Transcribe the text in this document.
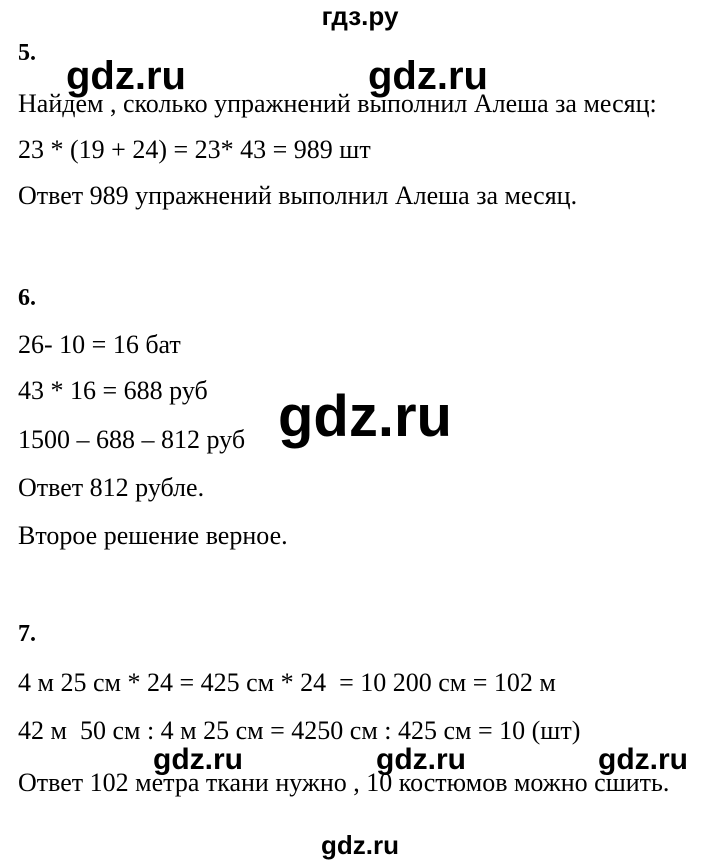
гдз.ру
5.
gdz.ru	gdz.ru
Найдем , сколько упражнений выполнил Алеша за месяц:
23 * (19 + 24) = 23* 43 = 989 шт
Ответ 989 упражнений выполнил Алеша за месяц.
6.
26- 10 = 16 бат
43 * 16 = 688 руб gdz.ru
1500 – 688 – 812 руб
Ответ 812 рубле.
Второе решение верное.
7.
4 м 25 см * 24 = 425 см * 24  = 10 200 см = 102 м
42 м  50 см : 4 м 25 см = 4250 см : 425 см = 10 (шт)
gdz.ru	gdz.ru	gdz.ru
Ответ 102 метра ткани нужно , 10 костюмов можно сшить.
gdz.ru
